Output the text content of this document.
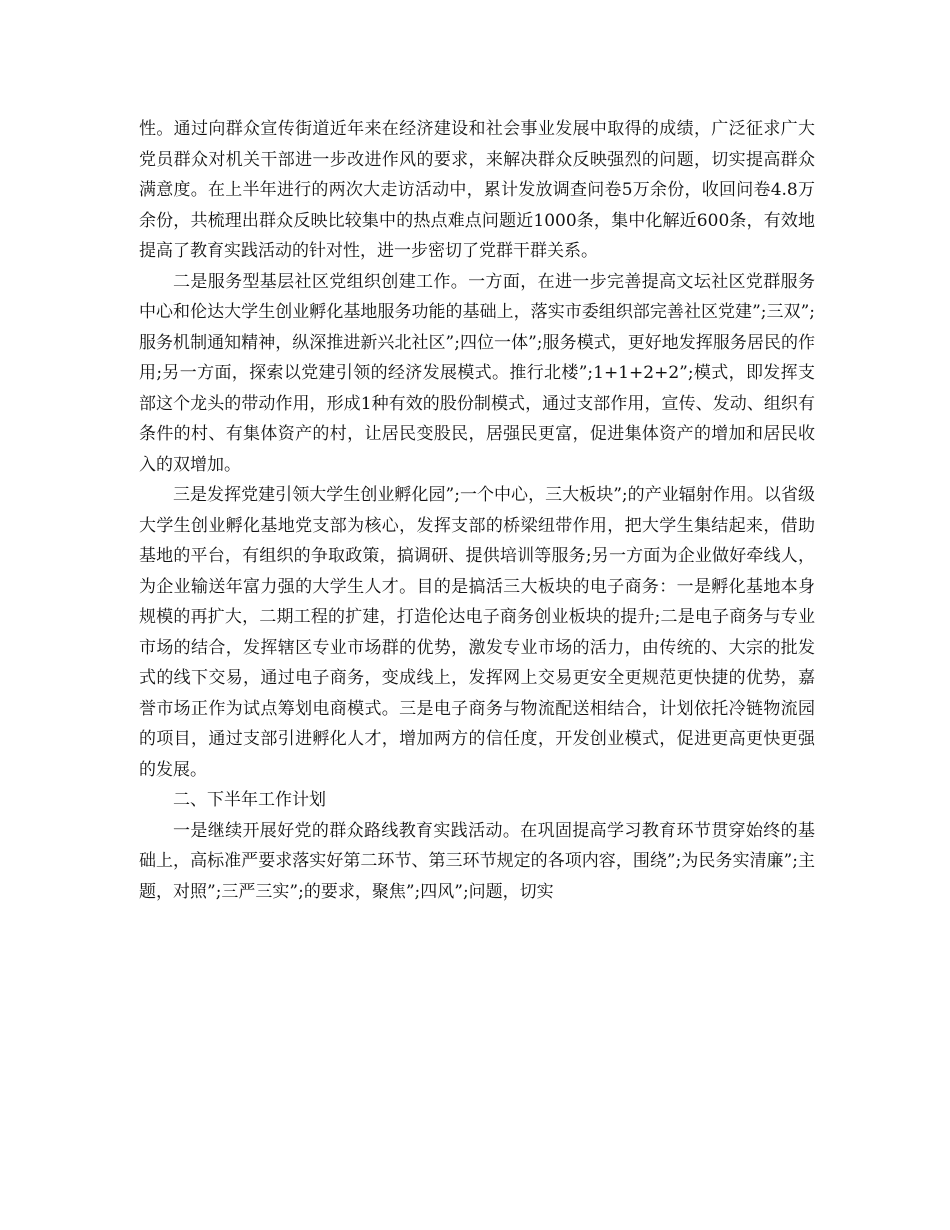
性。通过向群众宣传街道近年来在经济建设和社会事业发展中取得的成绩，广泛征求广大党员群众对机关干部进一步改进作风的要求，来解决群众反映强烈的问题，切实提高群众满意度。在上半年进行的两次大走访活动中，累计发放调查问卷5万余份，收回问卷4.8万余份，共梳理出群众反映比较集中的热点难点问题近1000条，集中化解近600条，有效地提高了教育实践活动的针对性，进一步密切了党群干群关系。

二是服务型基层社区党组织创建工作。一方面，在进一步完善提高文坛社区党群服务中心和伦达大学生创业孵化基地服务功能的基础上，落实市委组织部完善社区党建”;三双”;服务机制通知精神，纵深推进新兴北社区”;四位一体”;服务模式，更好地发挥服务居民的作用;另一方面，探索以党建引领的经济发展模式。推行北楼”;1+1+2+2”;模式，即发挥支部这个龙头的带动作用，形成1种有效的股份制模式，通过支部作用，宣传、发动、组织有条件的村、有集体资产的村，让居民变股民，居强民更富，促进集体资产的增加和居民收入的双增加。

三是发挥党建引领大学生创业孵化园”;一个中心，三大板块”;的产业辐射作用。以省级大学生创业孵化基地党支部为核心，发挥支部的桥梁纽带作用，把大学生集结起来，借助基地的平台，有组织的争取政策，搞调研、提供培训等服务;另一方面为企业做好牵线人，为企业输送年富力强的大学生人才。目的是搞活三大板块的电子商务：一是孵化基地本身规模的再扩大，二期工程的扩建，打造伦达电子商务创业板块的提升;二是电子商务与专业市场的结合，发挥辖区专业市场群的优势，激发专业市场的活力，由传统的、大宗的批发式的线下交易，通过电子商务，变成线上，发挥网上交易更安全更规范更快捷的优势，嘉誉市场正作为试点筹划电商模式。三是电子商务与物流配送相结合，计划依托冷链物流园的项目，通过支部引进孵化人才，增加两方的信任度，开发创业模式，促进更高更快更强的发展。

二、下半年工作计划

一是继续开展好党的群众路线教育实践活动。在巩固提高学习教育环节贯穿始终的基础上，高标准严要求落实好第二环节、第三环节规定的各项内容，围绕”;为民务实清廉”;主题，对照”;三严三实”;的要求，聚焦”;四风”;问题，切实
